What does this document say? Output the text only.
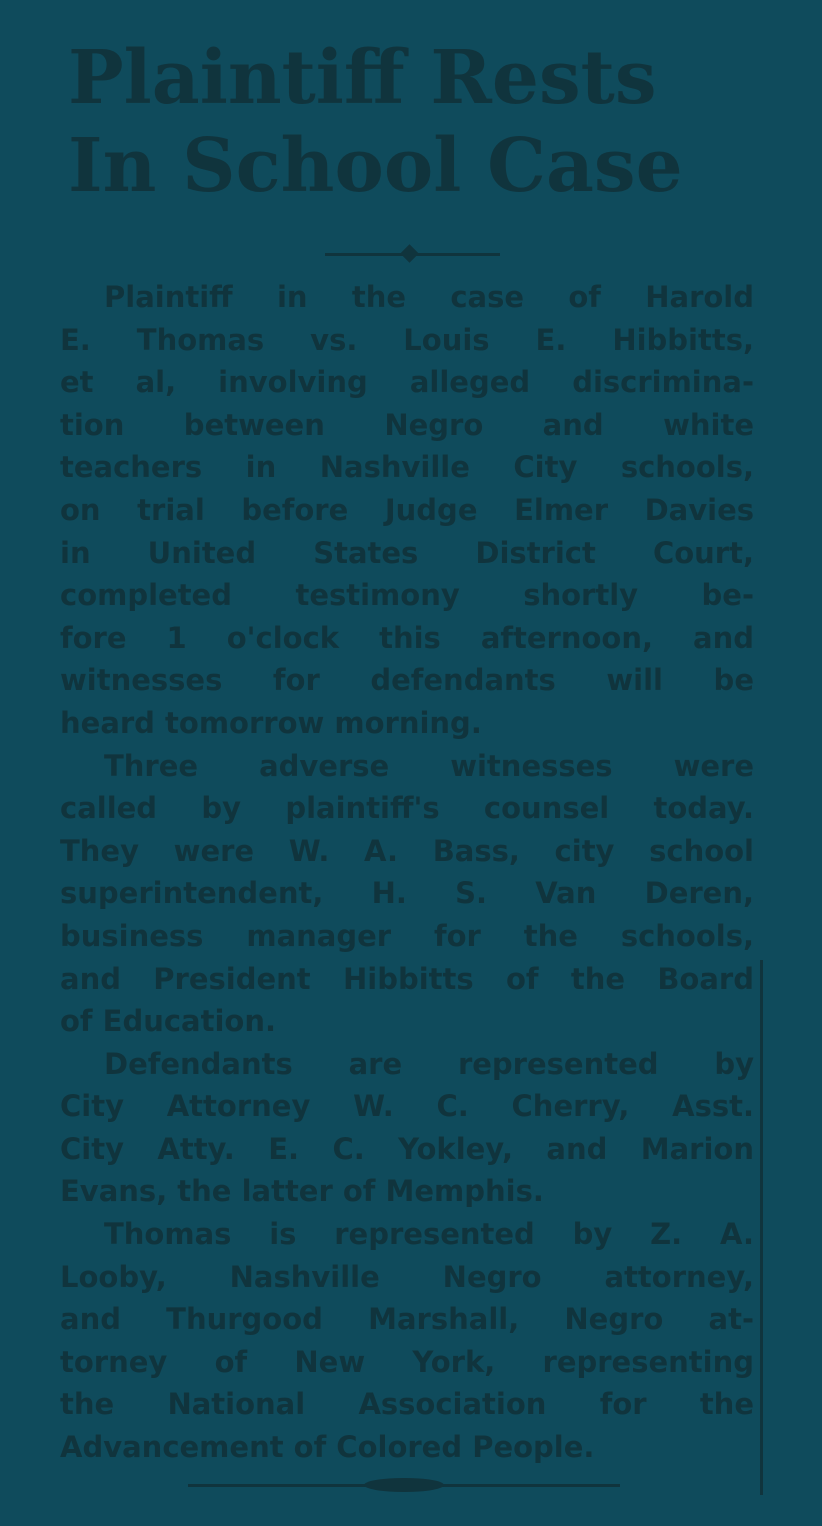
Plaintiff Rests
In School Case

Plaintiff in the case of Harold
E. Thomas vs. Louis E. Hibbitts,
et al, involving alleged discrimina-
tion between Negro and white
teachers in Nashville City schools,
on trial before Judge Elmer Davies
in United States District Court,
completed testimony shortly be-
fore 1 o'clock this afternoon, and
witnesses for defendants will be
heard tomorrow morning.

Three adverse witnesses were
called by plaintiff's counsel today.
They were W. A. Bass, city school
superintendent, H. S. Van Deren,
business manager for the schools,
and President Hibbitts of the Board
of Education.

Defendants are represented by
City Attorney W. C. Cherry, Asst.
City Atty. E. C. Yokley, and Marion
Evans, the latter of Memphis.

Thomas is represented by Z. A.
Looby, Nashville Negro attorney,
and Thurgood Marshall, Negro at-
torney of New York, representing
the National Association for the
Advancement of Colored People.
